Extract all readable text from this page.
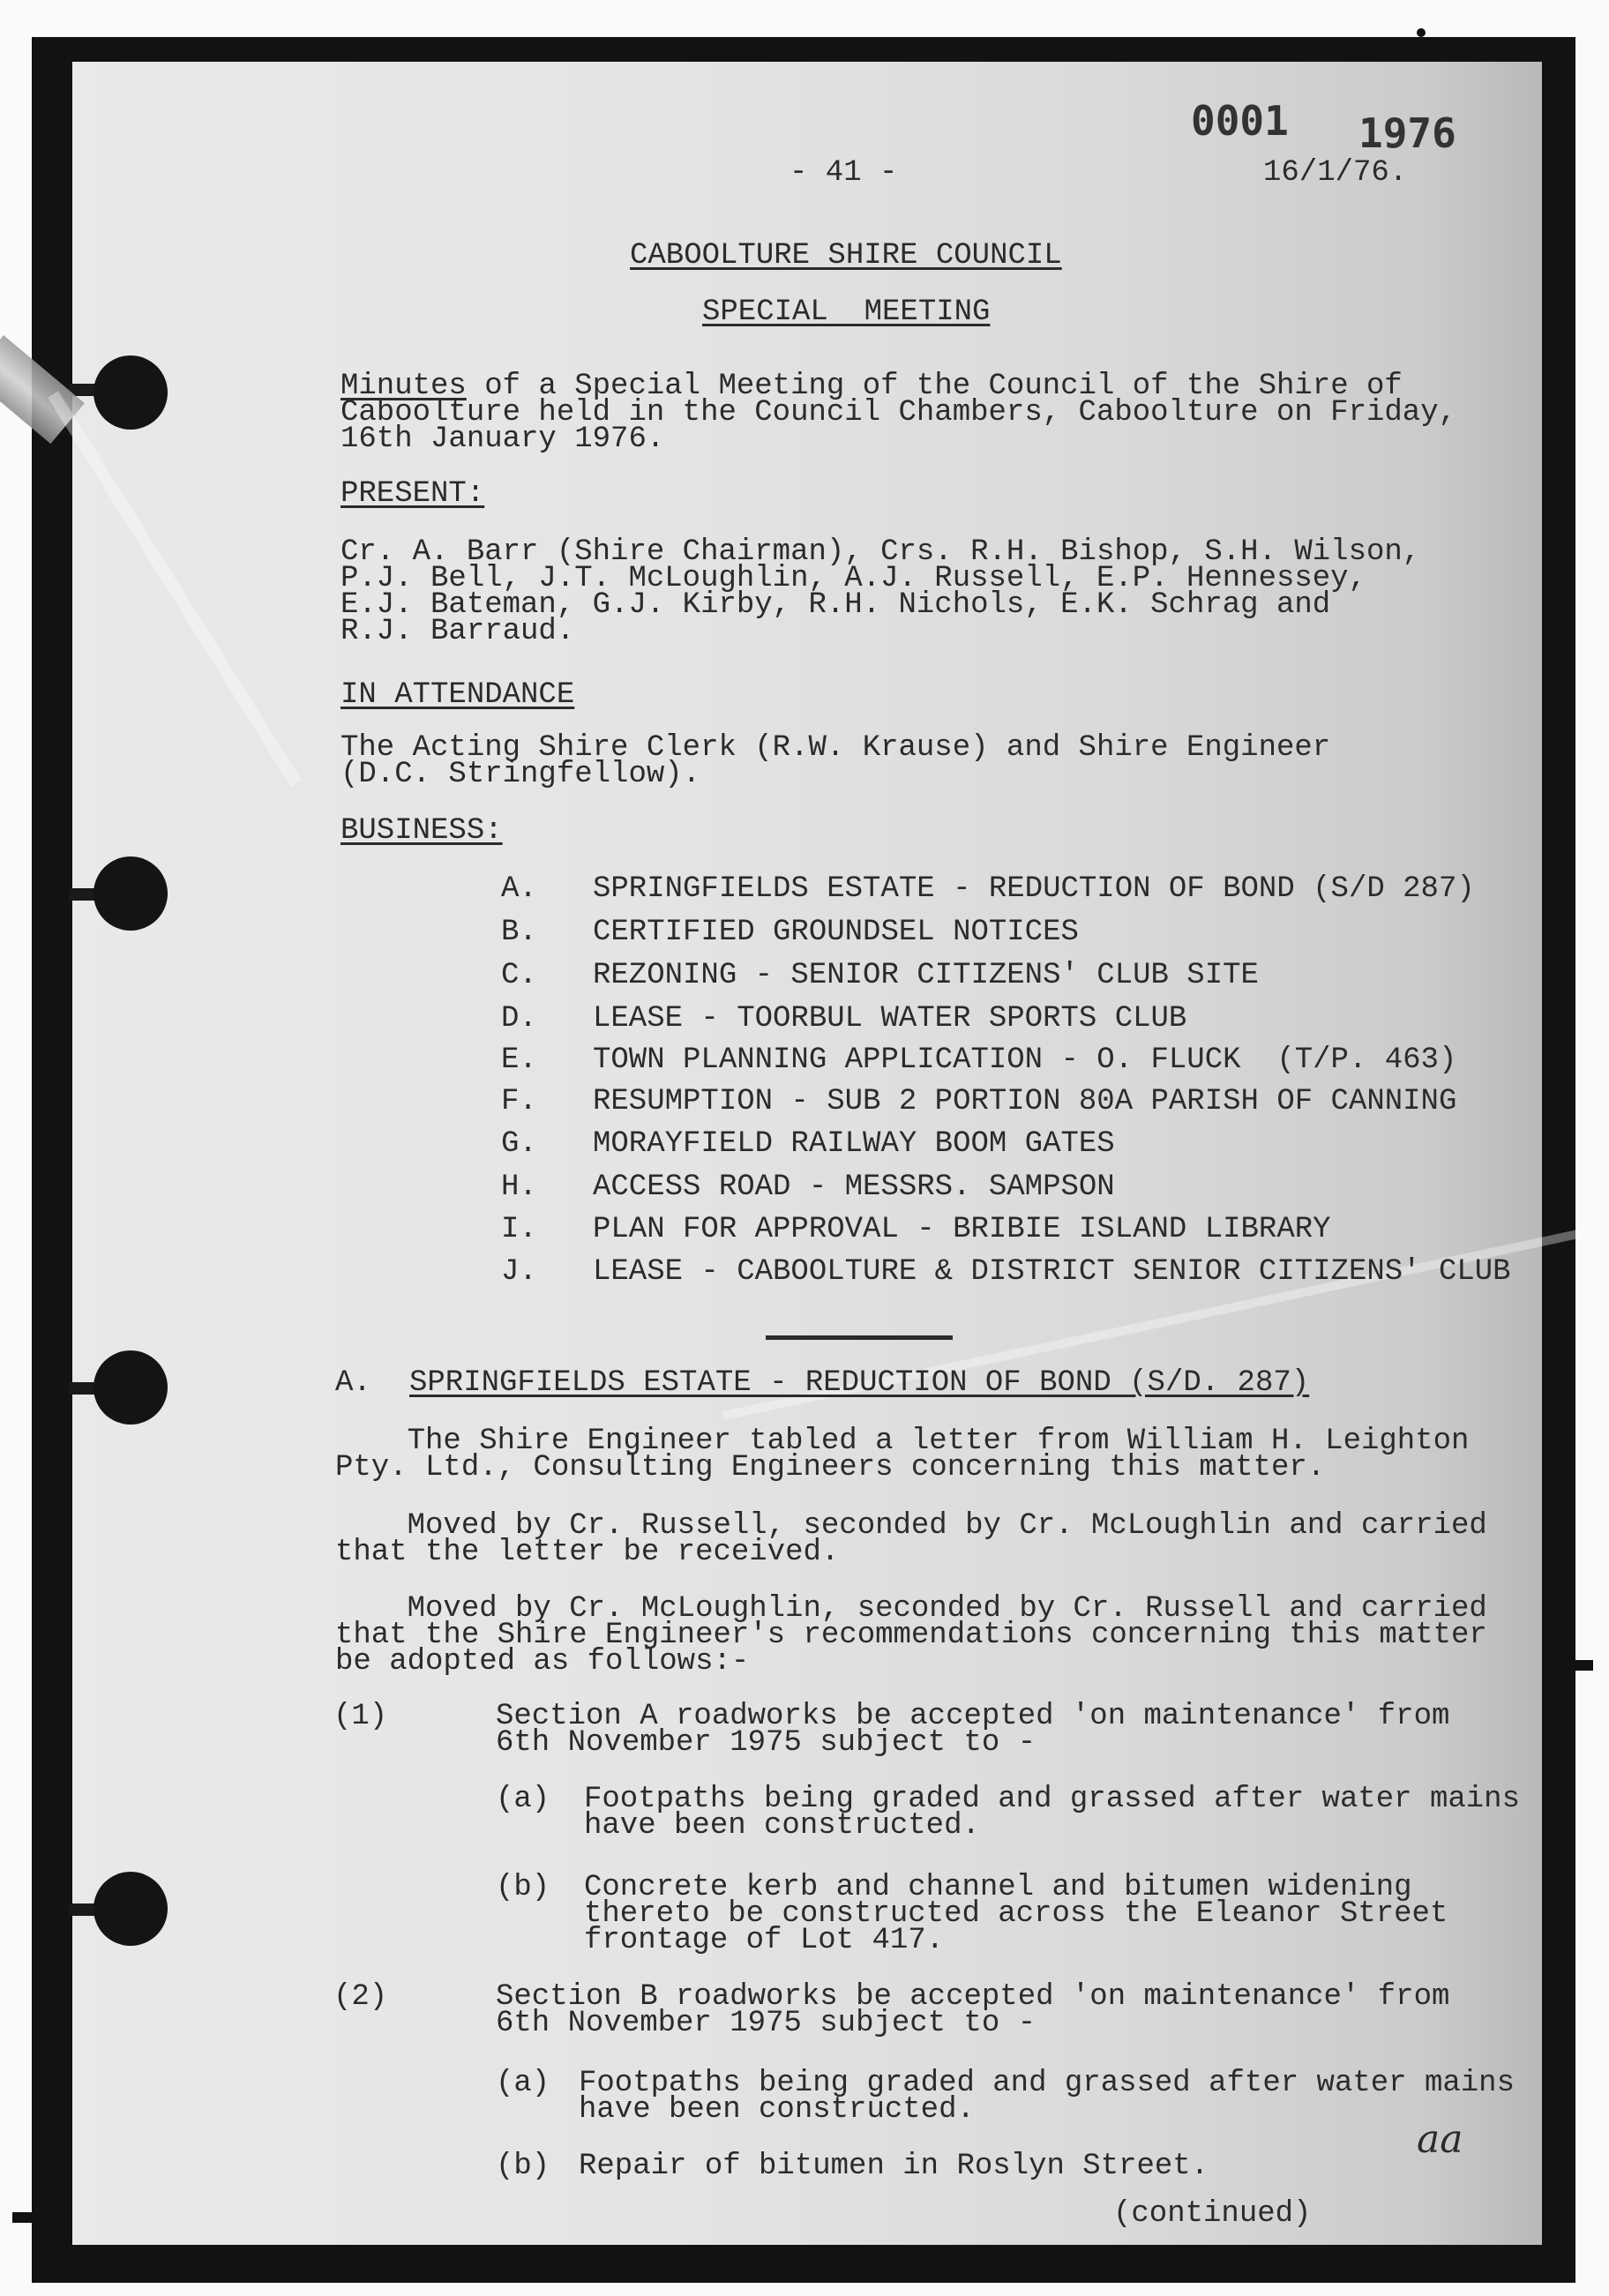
0001 1976
- 41 -	16/1/76.
CABOOLTURE SHIRE COUNCIL
SPECIAL  MEETING
Minutes of a Special Meeting of the Council of the Shire of
Caboolture held in the Council Chambers, Caboolture on Friday,
16th January 1976.
PRESENT:
Cr. A. Barr (Shire Chairman), Crs. R.H. Bishop, S.H. Wilson,
P.J. Bell, J.T. McLoughlin, A.J. Russell, E.P. Hennessey,
E.J. Bateman, G.J. Kirby, R.H. Nichols, E.K. Schrag and
R.J. Barraud.
IN ATTENDANCE
The Acting Shire Clerk (R.W. Krause) and Shire Engineer
(D.C. Stringfellow).
BUSINESS:
A. SPRINGFIELDS ESTATE - REDUCTION OF BOND (S/D 287)
B. CERTIFIED GROUNDSEL NOTICES
C. REZONING - SENIOR CITIZENS' CLUB SITE
D. LEASE - TOORBUL WATER SPORTS CLUB
E. TOWN PLANNING APPLICATION - O. FLUCK  (T/P. 463)
F. RESUMPTION - SUB 2 PORTION 80A PARISH OF CANNING
G. MORAYFIELD RAILWAY BOOM GATES
H. ACCESS ROAD - MESSRS. SAMPSON
I. PLAN FOR APPROVAL - BRIBIE ISLAND LIBRARY
J. LEASE - CABOOLTURE & DISTRICT SENIOR CITIZENS' CLUB
A. SPRINGFIELDS ESTATE - REDUCTION OF BOND (S/D. 287)
The Shire Engineer tabled a letter from William H. Leighton
Pty. Ltd., Consulting Engineers concerning this matter.
Moved by Cr. Russell, seconded by Cr. McLoughlin and carried
that the letter be received.
Moved by Cr. McLoughlin, seconded by Cr. Russell and carried
that the Shire Engineer's recommendations concerning this matter
be adopted as follows:-
(1)	Section A roadworks be accepted 'on maintenance' from
6th November 1975 subject to -
(a) Footpaths being graded and grassed after water mains
have been constructed.
(b) Concrete kerb and channel and bitumen widening
thereto be constructed across the Eleanor Street
frontage of Lot 417.
(2)	Section B roadworks be accepted 'on maintenance' from
6th November 1975 subject to -
(a) Footpaths being graded and grassed after water mains
have been constructed.
(b) Repair of bitumen in Roslyn Street.
aa
(continued)
